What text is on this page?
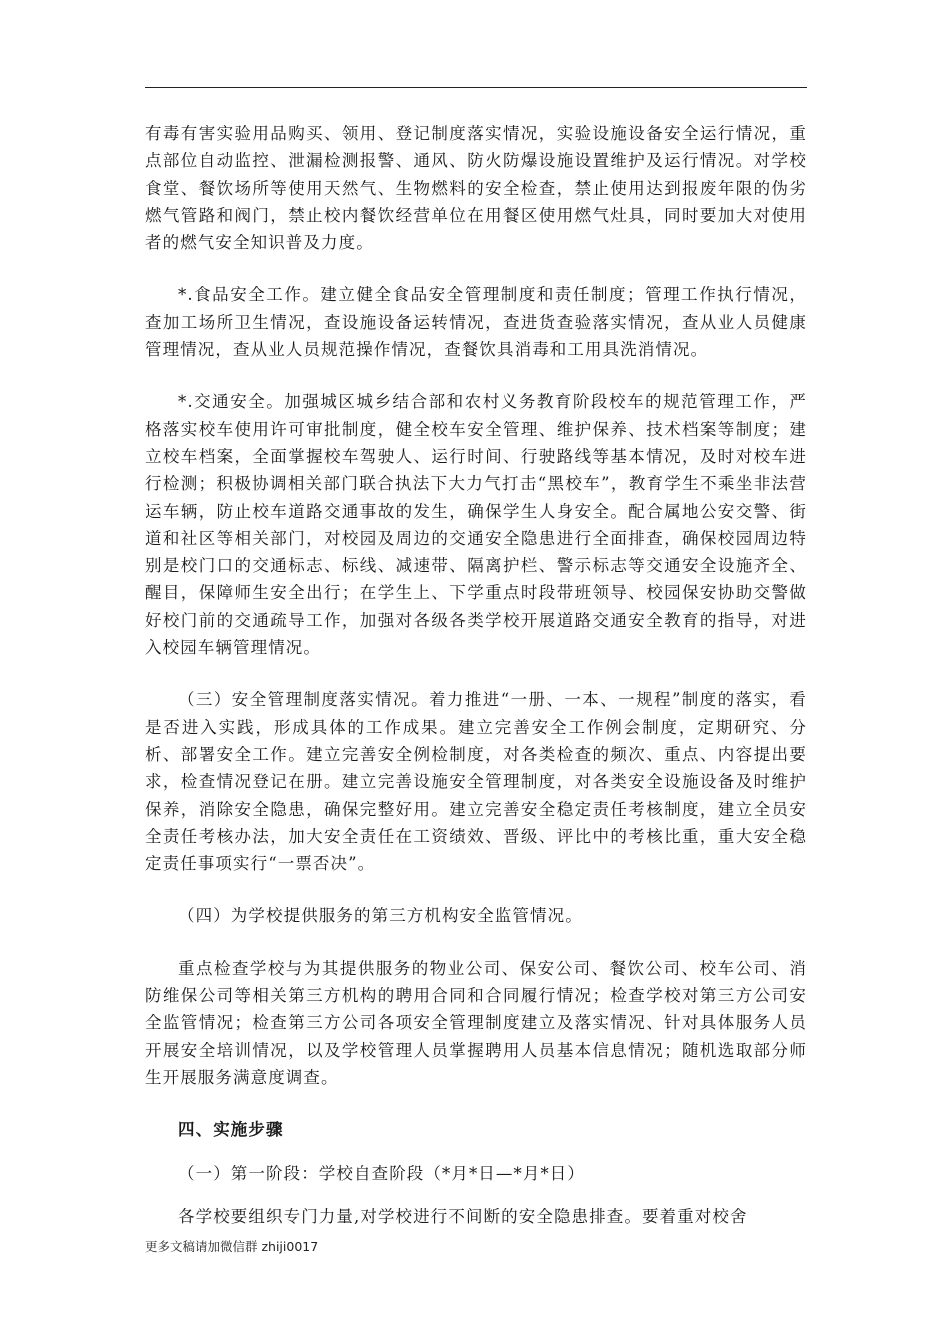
有毒有害实验用品购买、领用、登记制度落实情况，实验设施设备安全运行情况，重点部位自动监控、泄漏检测报警、通风、防火防爆设施设置维护及运行情况。对学校食堂、餐饮场所等使用天然气、生物燃料的安全检查，禁止使用达到报废年限的伪劣燃气管路和阀门，禁止校内餐饮经营单位在用餐区使用燃气灶具，同时要加大对使用者的燃气安全知识普及力度。

*.食品安全工作。建立健全食品安全管理制度和责任制度；管理工作执行情况，查加工场所卫生情况，查设施设备运转情况，查进货查验落实情况，查从业人员健康管理情况，查从业人员规范操作情况，查餐饮具消毒和工用具洗消情况。

*.交通安全。加强城区城乡结合部和农村义务教育阶段校车的规范管理工作，严格落实校车使用许可审批制度，健全校车安全管理、维护保养、技术档案等制度；建立校车档案，全面掌握校车驾驶人、运行时间、行驶路线等基本情况，及时对校车进行检测；积极协调相关部门联合执法下大力气打击“黑校车”，教育学生不乘坐非法营运车辆，防止校车道路交通事故的发生，确保学生人身安全。配合属地公安交警、街道和社区等相关部门，对校园及周边的交通安全隐患进行全面排查，确保校园周边特别是校门口的交通标志、标线、减速带、隔离护栏、警示标志等交通安全设施齐全、醒目，保障师生安全出行；在学生上、下学重点时段带班领导、校园保安协助交警做好校门前的交通疏导工作，加强对各级各类学校开展道路交通安全教育的指导，对进入校园车辆管理情况。

（三）安全管理制度落实情况。着力推进“一册、一本、一规程”制度的落实，看是否进入实践，形成具体的工作成果。建立完善安全工作例会制度，定期研究、分析、部署安全工作。建立完善安全例检制度，对各类检查的频次、重点、内容提出要求，检查情况登记在册。建立完善设施安全管理制度，对各类安全设施设备及时维护保养，消除安全隐患，确保完整好用。建立完善安全稳定责任考核制度，建立全员安全责任考核办法，加大安全责任在工资绩效、晋级、评比中的考核比重，重大安全稳定责任事项实行“一票否决”。

（四）为学校提供服务的第三方机构安全监管情况。

重点检查学校与为其提供服务的物业公司、保安公司、餐饮公司、校车公司、消防维保公司等相关第三方机构的聘用合同和合同履行情况；检查学校对第三方公司安全监管情况；检查第三方公司各项安全管理制度建立及落实情况、针对具体服务人员开展安全培训情况，以及学校管理人员掌握聘用人员基本信息情况；随机选取部分师生开展服务满意度调查。

四、实施步骤

（一）第一阶段：学校自查阶段（*月*日—*月*日）

各学校要组织专门力量,对学校进行不间断的安全隐患排查。要着重对校舍

更多文稿请加微信群 zhiji0017
